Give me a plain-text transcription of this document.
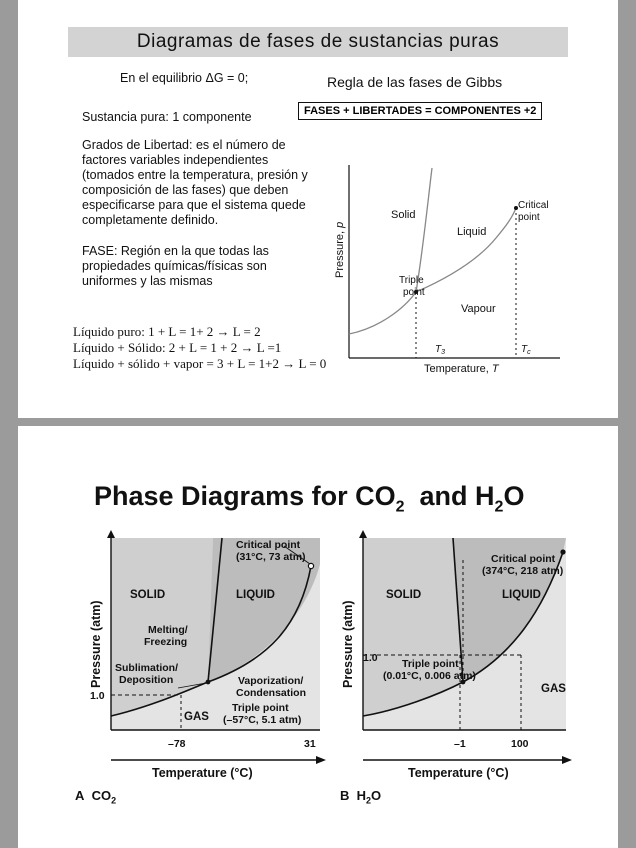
Diagramas de fases de sustancias puras
En el equilibrio ΔG = 0;	Regla de las fases de Gibbs
Sustancia pura: 1 componente	FASES + LIBERTADES = COMPONENTES +2
Grados de Libertad: es el número de factores variables independientes (tomados entre la temperatura, presión y composición de las fases) que deben especificarse para que el sistema quede completamente definido.
FASE: Región en la que todas las propiedades químicas/físicas son uniformes y las mismas
Líquido puro: 1 + L = 1+ 2 → L = 2
Líquido + Sólido: 2 + L = 1 + 2 → L =1
Líquido + sólido + vapor = 3 + L = 1+2 → L = 0
Solid
Liquid
Vapour
Critical
point
Triple
point
$T_3$	$T_c$
Temperature, T
Pressure, p
Phase Diagrams for $CO_2$  and $H_2O$
Critical point
(31°C, 73 atm)
SOLID	LIQUID
GAS
Melting/
Freezing
Sublimation/
Deposition	Vaporization/
Condensation
Triple point
(–57°C, 5.1 atm)
1.0
–78	31
Temperature (°C)
Pressure (atm)
A $CO_2$
Critical point
(374°C, 218 atm)
SOLID	LIQUID
GAS
Triple point
(0.01°C, 0.006 atm)
1.0
–1	100
Temperature (°C)
Pressure (atm)
B $H_2O$
